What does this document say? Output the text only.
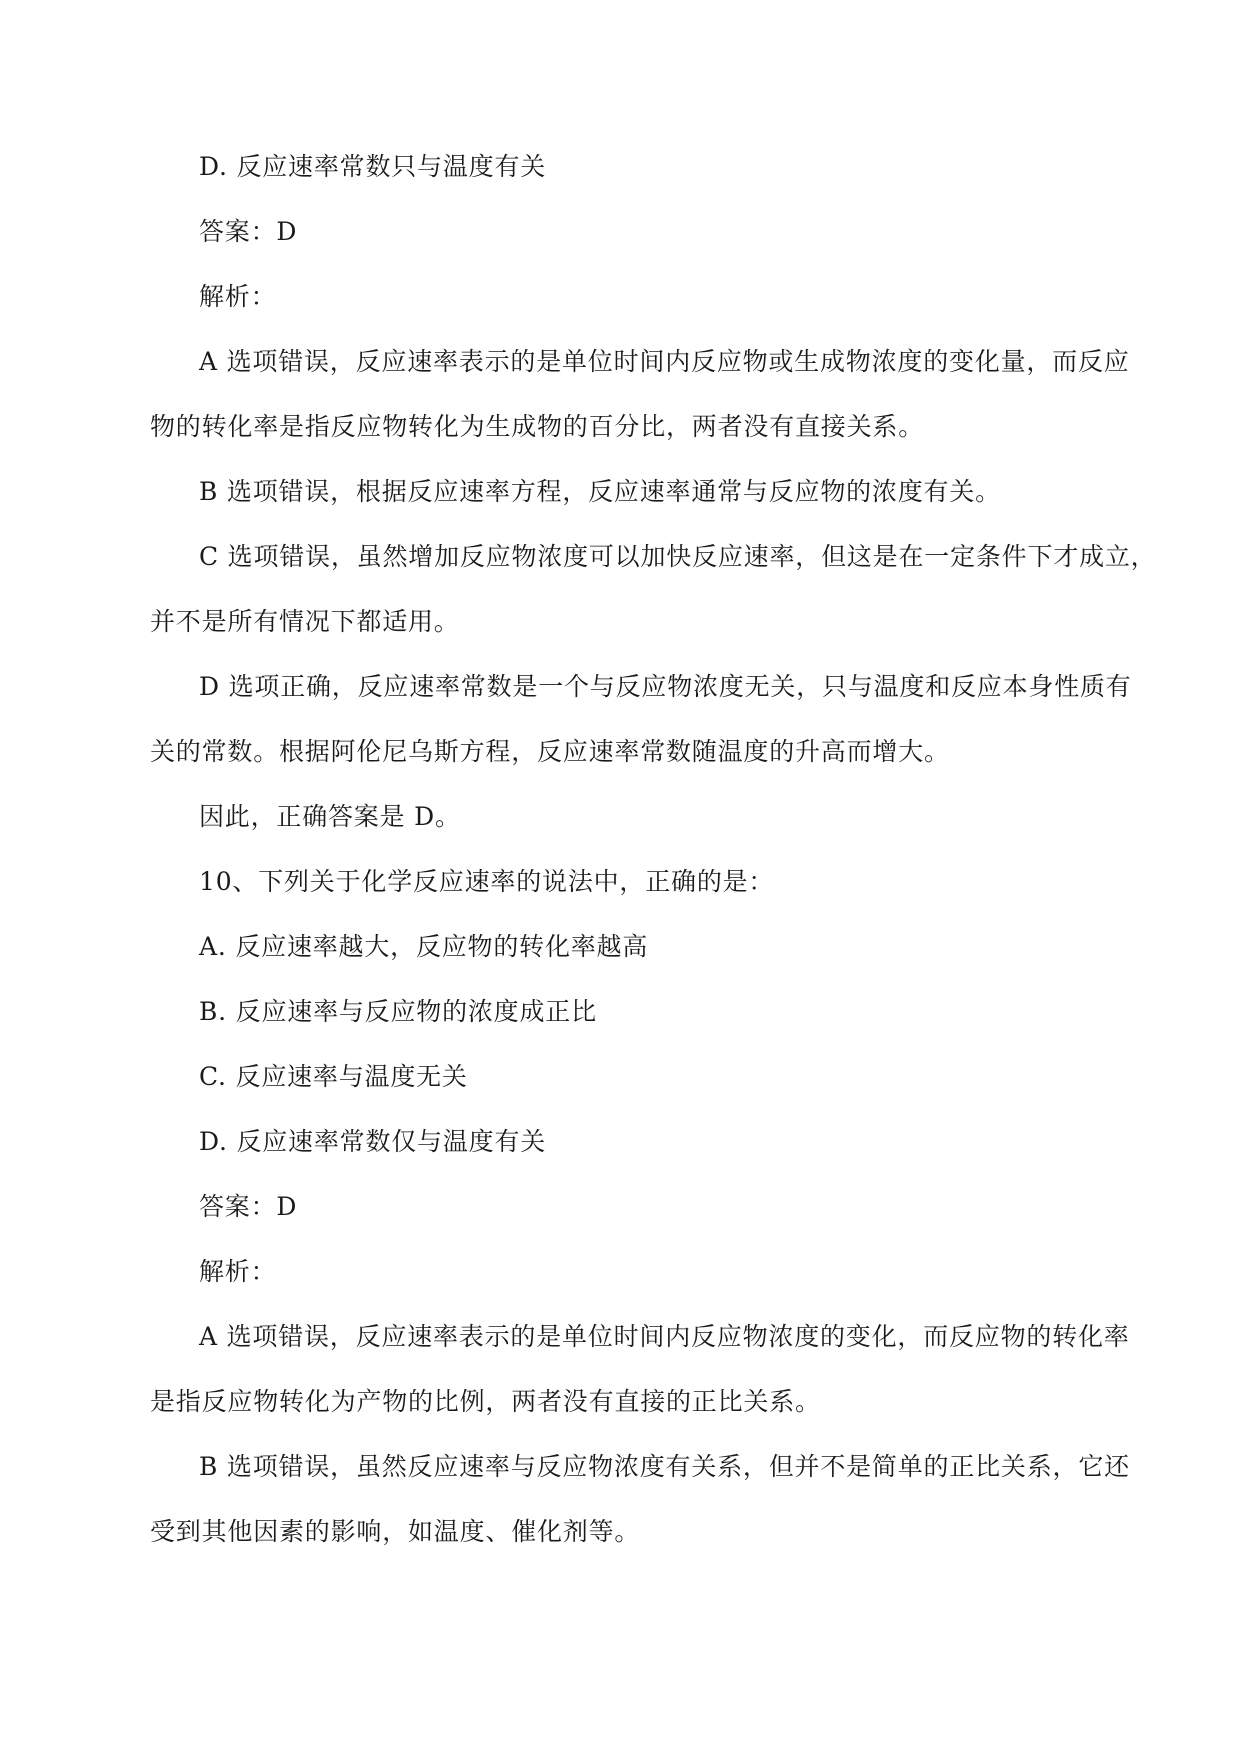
D. 反应速率常数只与温度有关
答案：D
解析：
A 选项错误，反应速率表示的是单位时间内反应物或生成物浓度的变化量，而反应
物的转化率是指反应物转化为生成物的百分比，两者没有直接关系。
B 选项错误，根据反应速率方程，反应速率通常与反应物的浓度有关。
C 选项错误，虽然增加反应物浓度可以加快反应速率，但这是在一定条件下才成立，
并不是所有情况下都适用。
D 选项正确，反应速率常数是一个与反应物浓度无关，只与温度和反应本身性质有
关的常数。根据阿伦尼乌斯方程，反应速率常数随温度的升高而增大。
因此，正确答案是 D。
10、下列关于化学反应速率的说法中，正确的是：
A. 反应速率越大，反应物的转化率越高
B. 反应速率与反应物的浓度成正比
C. 反应速率与温度无关
D. 反应速率常数仅与温度有关
答案：D
解析：
A 选项错误，反应速率表示的是单位时间内反应物浓度的变化，而反应物的转化率
是指反应物转化为产物的比例，两者没有直接的正比关系。
B 选项错误，虽然反应速率与反应物浓度有关系，但并不是简单的正比关系，它还
受到其他因素的影响，如温度、催化剂等。
